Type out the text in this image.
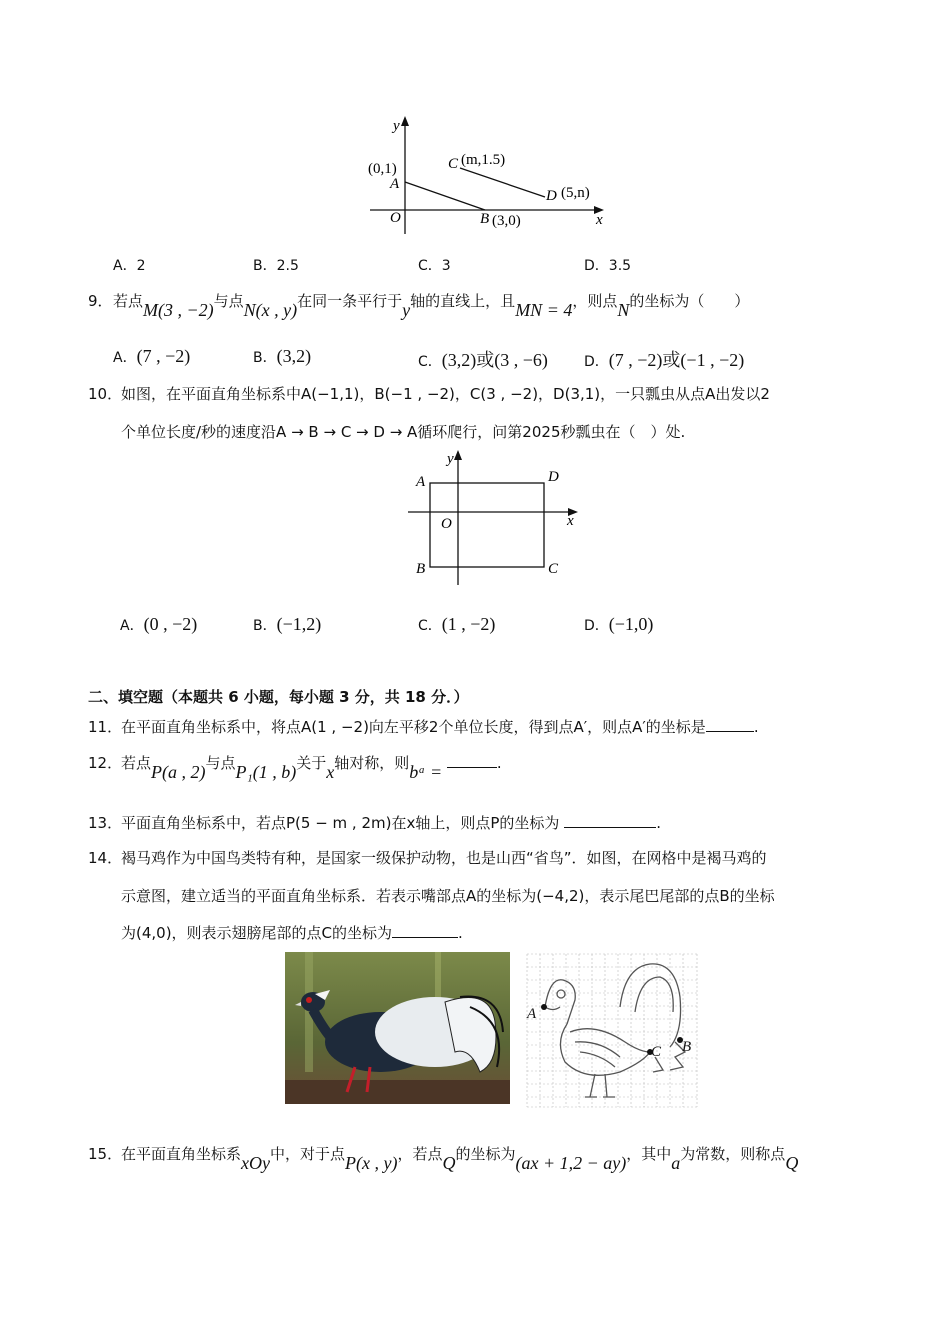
y
x
O
(0,1)
A
C (m,1.5)
D (5,n)
B (3,0)
A．2	B．2.5	C．3	D．3.5
9． 若点M(3 , −2)与点N(x , y)在同一条平行于y轴的直线上，且MN = 4，则点N的坐标为（　　）
A．(7 , −2)	B．(3,2)	C．(3,2)或(3 , −6)	D．(7 , −2)或(−1 , −2)
10．
如图，在平面直角坐标系中A(−1,1)，B(−1 , −2)，C(3 , −2)，D(3,1)，一只瓢虫从点A出发以2
个单位长度/秒的速度沿A → B → C → D → A循环爬行，问第2025秒瓢虫在（　）处.
y
x
O
A	D
B	C
A．(0 , −2)	B．(−1,2)	C．(1 , −2)	D．(−1,0)
二、填空题（本题共 6 小题，每小题 3 分，共 18 分．）
11．
在平面直角坐标系中，将点A(1 , −2)向左平移2个单位长度，得到点A′，则点A′的坐标是	.
12．
若点P(a , 2)与点P₁(1 , b)关于x轴对称，则bᵃ =	.
13．
平面直角坐标系中，若点P(5 − m , 2m)在x轴上，则点P的坐标为	.
14．
褐马鸡作为中国鸟类特有种，是国家一级保护动物，也是山西“省鸟”．如图，在网格中是褐马鸡的
示意图，建立适当的平面直角坐标系．若表示嘴部点A的坐标为(−4,2)，表示尾巴尾部的点B的坐标
为(4,0)，则表示翅膀尾部的点C的坐标为	.
A
C B
15．
在平面直角坐标系xOy中，对于点P(x , y)，若点Q的坐标为(ax + 1,2 − ay)，其中a为常数，则称点Q
